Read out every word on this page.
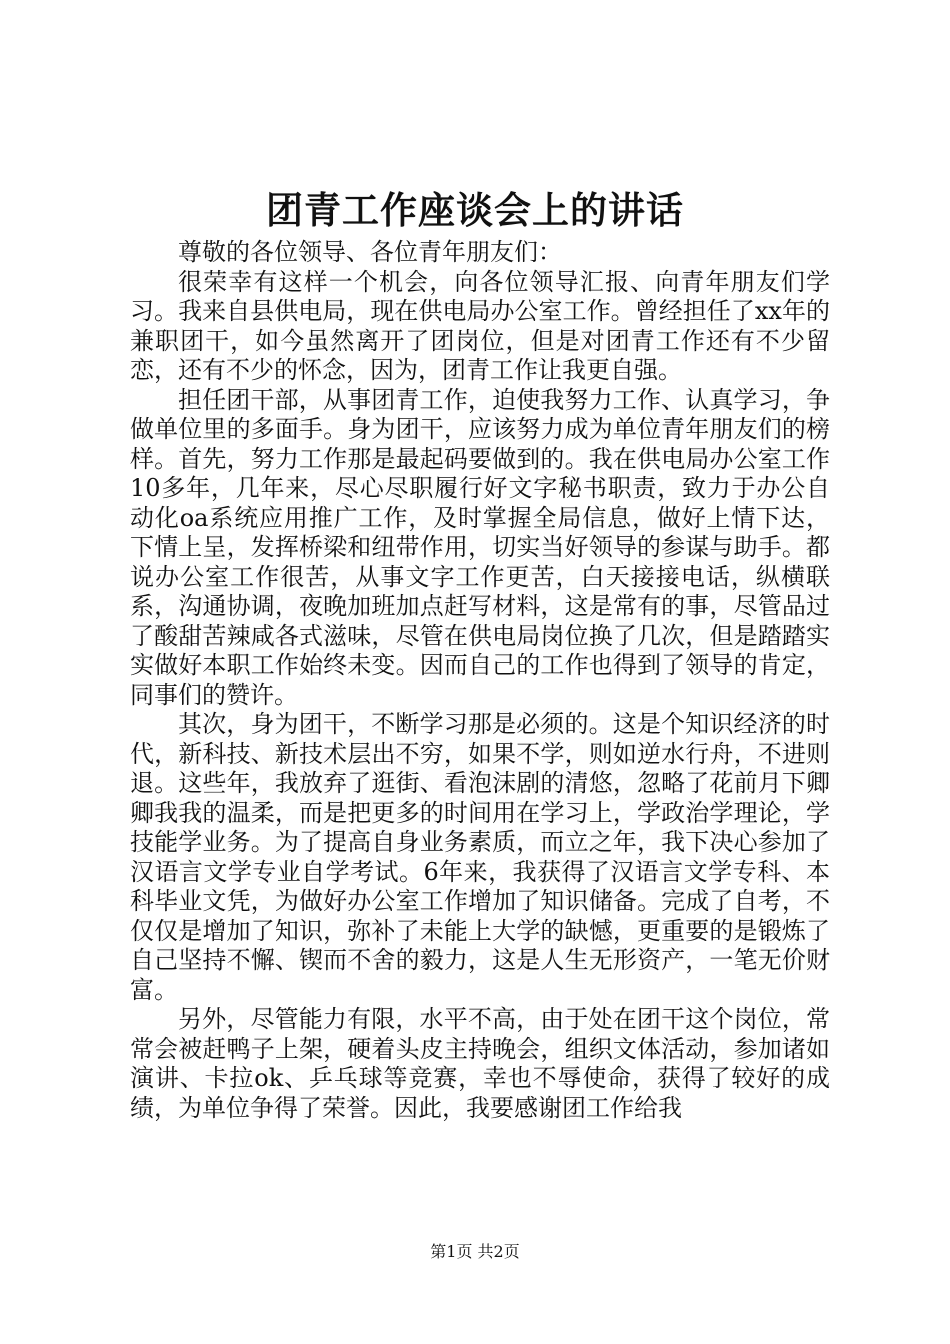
团青工作座谈会上的讲话

尊敬的各位领导、各位青年朋友们：

很荣幸有这样一个机会，向各位领导汇报、向青年朋友们学习。我来自县供电局，现在供电局办公室工作。曾经担任了xx年的兼职团干，如今虽然离开了团岗位，但是对团青工作还有不少留恋，还有不少的怀念，因为，团青工作让我更自强。

担任团干部，从事团青工作，迫使我努力工作、认真学习，争做单位里的多面手。身为团干，应该努力成为单位青年朋友们的榜样。首先，努力工作那是最起码要做到的。我在供电局办公室工作10多年，几年来，尽心尽职履行好文字秘书职责，致力于办公自动化oa系统应用推广工作，及时掌握全局信息，做好上情下达，下情上呈，发挥桥梁和纽带作用，切实当好领导的参谋与助手。都说办公室工作很苦，从事文字工作更苦，白天接接电话，纵横联系，沟通协调，夜晚加班加点赶写材料，这是常有的事，尽管品过了酸甜苦辣咸各式滋味，尽管在供电局岗位换了几次，但是踏踏实实做好本职工作始终未变。因而自己的工作也得到了领导的肯定，同事们的赞许。

其次，身为团干，不断学习那是必须的。这是个知识经济的时代，新科技、新技术层出不穷，如果不学，则如逆水行舟，不进则退。这些年，我放弃了逛街、看泡沫剧的清悠，忽略了花前月下卿卿我我的温柔，而是把更多的时间用在学习上，学政治学理论，学技能学业务。为了提高自身业务素质，而立之年，我下决心参加了汉语言文学专业自学考试。6年来，我获得了汉语言文学专科、本科毕业文凭，为做好办公室工作增加了知识储备。完成了自考，不仅仅是增加了知识，弥补了未能上大学的缺憾，更重要的是锻炼了自己坚持不懈、锲而不舍的毅力，这是人生无形资产，一笔无价财富。

另外，尽管能力有限，水平不高，由于处在团干这个岗位，常常会被赶鸭子上架，硬着头皮主持晚会，组织文体活动，参加诸如演讲、卡拉ok、乒乓球等竞赛，幸也不辱使命，获得了较好的成绩，为单位争得了荣誉。因此，我要感谢团工作给我

第1页 共2页
